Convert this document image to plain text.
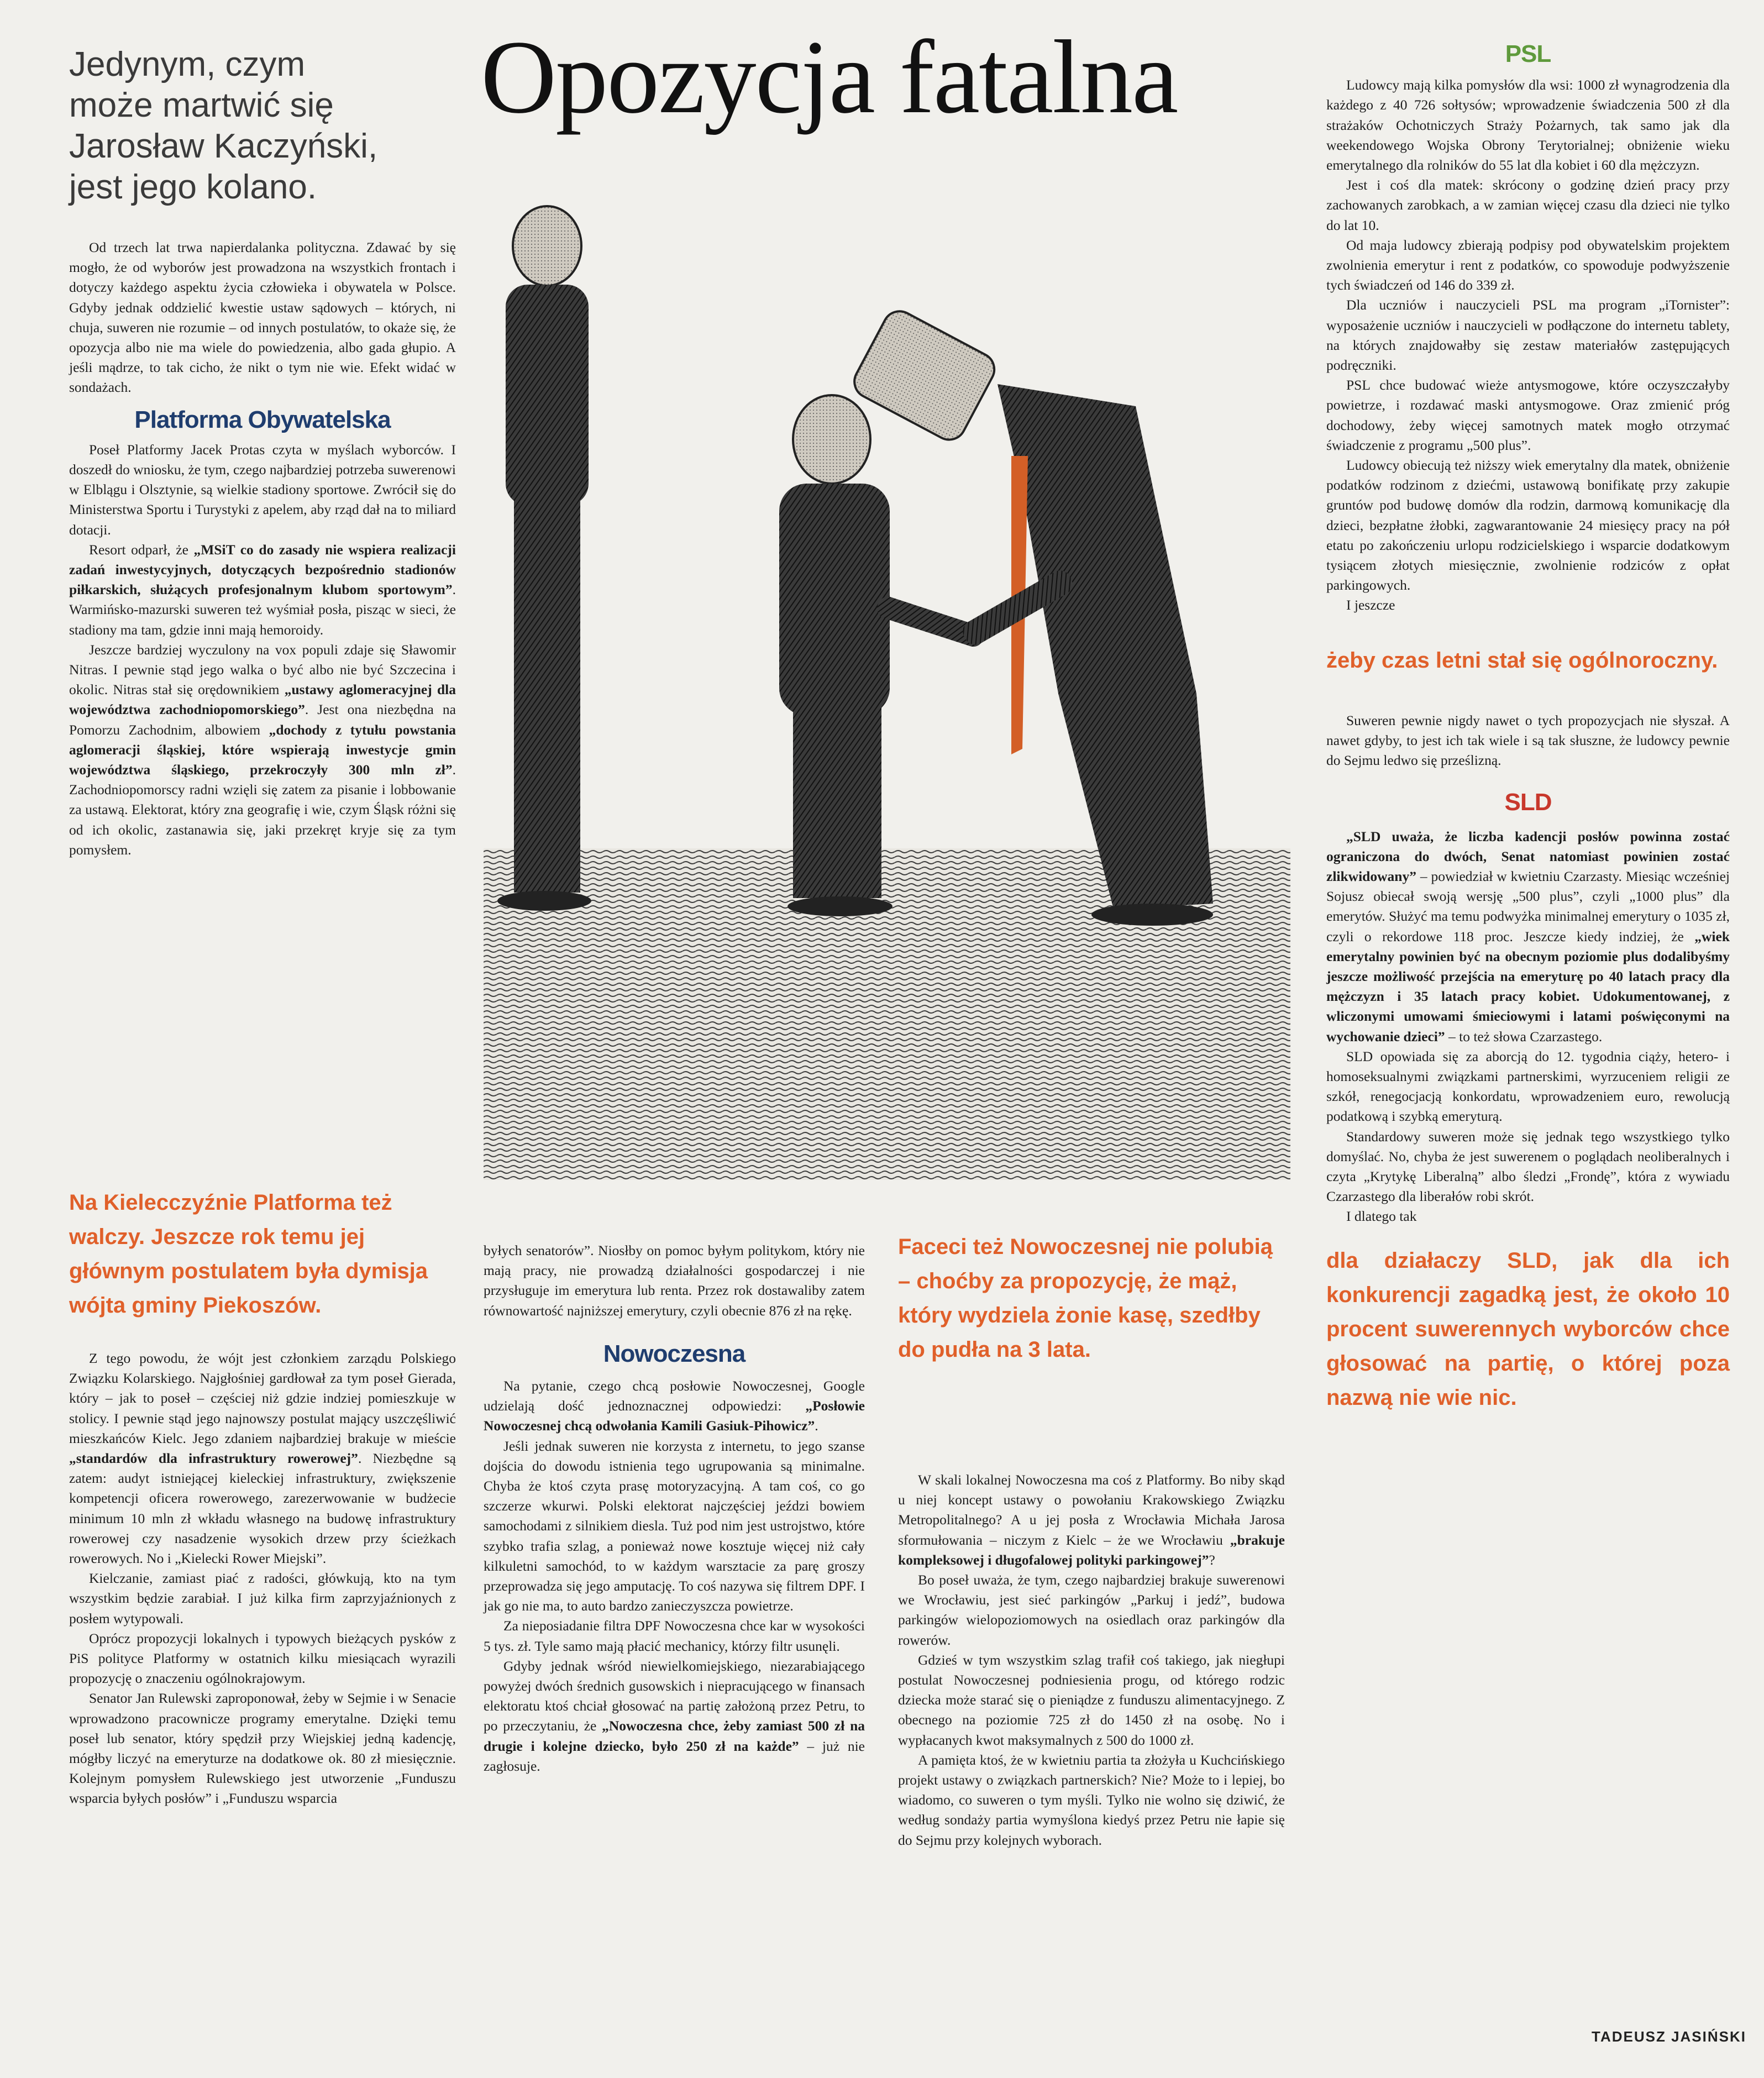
Jedynym, czym
może martwić się
Jarosław Kaczyński,
jest jego kolano.
Opozycja fatalna

Od trzech lat trwa napierdalanka polityczna. Zdawać by się mogło, że od wyborów jest prowadzona na wszystkich frontach i dotyczy każdego aspektu życia człowieka i obywatela w Polsce. Gdyby jednak oddzielić kwestie ustaw sądowych – których, ni chuja, suweren nie rozumie – od innych postulatów, to okaże się, że opozycja albo nie ma wiele do powiedzenia, albo gada głupio. A jeśli mądrze, to tak cicho, że nikt o tym nie wie. Efekt widać w sondażach.

Platforma Obywatelska

Poseł Platformy Jacek Protas czyta w myślach wyborców. I doszedł do wniosku, że tym, czego najbardziej potrzeba suwerenowi w Elblągu i Olsztynie, są wielkie stadiony sportowe. Zwrócił się do Ministerstwa Sportu i Turystyki z apelem, aby rząd dał na to miliard dotacji.

Resort odparł, że „MSiT co do zasady nie wspiera realizacji zadań inwestycyjnych, dotyczących bezpośrednio stadionów piłkarskich, służących profesjonalnym klubom sportowym”. Warmińsko-mazurski suweren też wyśmiał posła, pisząc w sieci, że stadiony ma tam, gdzie inni mają hemoroidy.

Jeszcze bardziej wyczulony na vox populi zdaje się Sławomir Nitras. I pewnie stąd jego walka o być albo nie być Szczecina i okolic. Nitras stał się orędownikiem „ustawy aglomeracyjnej dla województwa zachodniopomorskiego”. Jest ona niezbędna na Pomorzu Zachodnim, albowiem „dochody z tytułu powstania aglomeracji śląskiej, które wspierają inwestycje gmin województwa śląskiego, przekroczyły 300 mln zł”. Zachodniopomorscy radni wzięli się zatem za pisanie i lobbowanie za ustawą. Elektorat, który zna geografię i wie, czym Śląsk różni się od ich okolic, zastanawia się, jaki przekręt kryje się za tym pomysłem.

Na Kielecczyźnie Platforma też walczy. Jeszcze rok temu jej głównym postulatem była dymisja wójta gminy Piekoszów.

Z tego powodu, że wójt jest członkiem zarządu Polskiego Związku Kolarskiego. Najgłośniej gardłował za tym poseł Gierada, który – jak to poseł – częściej niż gdzie indziej pomieszkuje w stolicy. I pewnie stąd jego najnowszy postulat mający uszczęśliwić mieszkańców Kielc. Jego zdaniem najbardziej brakuje w mieście „standardów dla infrastruktury rowerowej”. Niezbędne są zatem: audyt istniejącej kieleckiej infrastruktury, zwiększenie kompetencji oficera rowerowego, zarezerwowanie w budżecie minimum 10 mln zł wkładu własnego na budowę infrastruktury rowerowej czy nasadzenie wysokich drzew przy ścieżkach rowerowych. No i „Kielecki Rower Miejski”.

Kielczanie, zamiast piać z radości, główkują, kto na tym wszystkim będzie zarabiał. I już kilka firm zaprzyjaźnionych z posłem wytypowali.

Oprócz propozycji lokalnych i typowych bieżących pysków z PiS polityce Platformy w ostatnich kilku miesiącach wyrazili propozycję o znaczeniu ogólnokrajowym.

Senator Jan Rulewski zaproponował, żeby w Sejmie i w Senacie wprowadzono pracownicze programy emerytalne. Dzięki temu poseł lub senator, który spędził przy Wiejskiej jedną kadencję, mógłby liczyć na emeryturze na dodatkowe ok. 80 zł miesięcznie. Kolejnym pomysłem Rulewskiego jest utworzenie „Funduszu wsparcia byłych posłów” i „Funduszu wsparcia

byłych senatorów”. Niosłby on pomoc byłym politykom, który nie mają pracy, nie prowadzą działalności gospodarczej i nie przysługuje im emerytura lub renta. Przez rok dostawaliby zatem równowartość najniższej emerytury, czyli obecnie 876 zł na rękę.

Nowoczesna

Na pytanie, czego chcą posłowie Nowoczesnej, Google udzielają dość jednoznacznej odpowiedzi: „Posłowie Nowoczesnej chcą odwołania Kamili Gasiuk-Pihowicz”.

Jeśli jednak suweren nie korzysta z internetu, to jego szanse dojścia do dowodu istnienia tego ugrupowania są minimalne. Chyba że ktoś czyta prasę motoryzacyjną. A tam coś, co go szczerze wkurwi. Polski elektorat najczęściej jeździ bowiem samochodami z silnikiem diesla. Tuż pod nim jest ustrojstwo, które szybko trafia szlag, a ponieważ nowe kosztuje więcej niż cały kilkuletni samochód, to w każdym warsztacie za parę groszy przeprowadza się jego amputację. To coś nazywa się filtrem DPF. I jak go nie ma, to auto bardzo zanieczyszcza powietrze.

Za nieposiadanie filtra DPF Nowoczesna chce kar w wysokości 5 tys. zł. Tyle samo mają płacić mechanicy, którzy filtr usunęli.

Gdyby jednak wśród niewielkomiejskiego, niezarabiającego powyżej dwóch średnich gusowskich i niepracującego w finansach elektoratu ktoś chciał głosować na partię założoną przez Petru, to po przeczytaniu, że „Nowoczesna chce, żeby zamiast 500 zł na drugie i kolejne dziecko, było 250 zł na każde” – już nie zagłosuje.

Faceci też Nowoczesnej nie polubią – choćby za propozycję, że mąż, który wydziela żonie kasę, szedłby do pudła na 3 lata.

W skali lokalnej Nowoczesna ma coś z Platformy. Bo niby skąd u niej koncept ustawy o powołaniu Krakowskiego Związku Metropolitalnego? A u jej posła z Wrocławia Michała Jarosa sformułowania – niczym z Kielc – że we Wrocławiu „brakuje kompleksowej i długofalowej polityki parkingowej”?

Bo poseł uważa, że tym, czego najbardziej brakuje suwerenowi we Wrocławiu, jest sieć parkingów „Parkuj i jedź”, budowa parkingów wielopoziomowych na osiedlach oraz parkingów dla rowerów.

Gdzieś w tym wszystkim szlag trafił coś takiego, jak niegłupi postulat Nowoczesnej podniesienia progu, od którego rodzic dziecka może starać się o pieniądze z funduszu alimentacyjnego. Z obecnego na poziomie 725 zł do 1450 zł na osobę. No i wypłacanych kwot maksymalnych z 500 do 1000 zł.

A pamięta ktoś, że w kwietniu partia ta złożyła u Kuchcińskiego projekt ustawy o związkach partnerskich? Nie? Może to i lepiej, bo wiadomo, co suweren o tym myśli. Tylko nie wolno się dziwić, że według sondaży partia wymyślona kiedyś przez Petru nie łapie się do Sejmu przy kolejnych wyborach.

PSL

Ludowcy mają kilka pomysłów dla wsi: 1000 zł wynagrodzenia dla każdego z 40 726 sołtysów; wprowadzenie świadczenia 500 zł dla strażaków Ochotniczych Straży Pożarnych, tak samo jak dla weekendowego Wojska Obrony Terytorialnej; obniżenie wieku emerytalnego dla rolników do 55 lat dla kobiet i 60 dla mężczyzn.

Jest i coś dla matek: skrócony o godzinę dzień pracy przy zachowanych zarobkach, a w zamian więcej czasu dla dzieci nie tylko do lat 10.

Od maja ludowcy zbierają podpisy pod obywatelskim projektem zwolnienia emerytur i rent z podatków, co spowoduje podwyższenie tych świadczeń od 146 do 339 zł.

Dla uczniów i nauczycieli PSL ma program „iTornister”: wyposażenie uczniów i nauczycieli w podłączone do internetu tablety, na których znajdowałby się zestaw materiałów zastępujących podręczniki.

PSL chce budować wieże antysmogowe, które oczyszczałyby powietrze, i rozdawać maski antysmogowe. Oraz zmienić próg dochodowy, żeby więcej samotnych matek mogło otrzymać świadczenie z programu „500 plus”.

Ludowcy obiecują też niższy wiek emerytalny dla matek, obniżenie podatków rodzinom z dziećmi, ustawową bonifikatę przy zakupie gruntów pod budowę domów dla rodzin, darmową komunikację dla dzieci, bezpłatne żłobki, zagwarantowanie 24 miesięcy pracy na pół etatu po zakończeniu urlopu rodzicielskiego i wsparcie dodatkowym tysiącem złotych miesięcznie, zwolnienie rodziców z opłat parkingowych.

I jeszcze

żeby czas letni stał się ogólnoroczny.

Suweren pewnie nigdy nawet o tych propozycjach nie słyszał. A nawet gdyby, to jest ich tak wiele i są tak słuszne, że ludowcy pewnie do Sejmu ledwo się prześlizną.

SLD

„SLD uważa, że liczba kadencji posłów powinna zostać ograniczona do dwóch, Senat natomiast powinien zostać zlikwidowany” – powiedział w kwietniu Czarzasty. Miesiąc wcześniej Sojusz obiecał swoją wersję „500 plus”, czyli „1000 plus” dla emerytów. Służyć ma temu podwyżka minimalnej emerytury o 1035 zł, czyli o rekordowe 118 proc. Jeszcze kiedy indziej, że „wiek emerytalny powinien być na obecnym poziomie plus dodalibyśmy jeszcze możliwość przejścia na emeryturę po 40 latach pracy dla mężczyzn i 35 latach pracy kobiet. Udokumentowanej, z wliczonymi umowami śmieciowymi i latami poświęconymi na wychowanie dzieci” – to też słowa Czarzastego.

SLD opowiada się za aborcją do 12. tygodnia ciąży, hetero- i homoseksualnymi związkami partnerskimi, wyrzuceniem religii ze szkół, renegocjacją konkordatu, wprowadzeniem euro, rewolucją podatkową i szybką emeryturą.

Standardowy suweren może się jednak tego wszystkiego tylko domyślać. No, chyba że jest suwerenem o poglądach neoliberalnych i czyta „Krytykę Liberalną” albo śledzi „Frondę”, która z wywiadu Czarzastego dla liberałów robi skrót.

I dlatego tak

dla działaczy SLD, jak dla ich konkurencji zagadką jest, że około 10 procent suwerennych wyborców chce głosować na partię, o której poza nazwą nie wie nic.
TADEUSZ JASIŃSKI
